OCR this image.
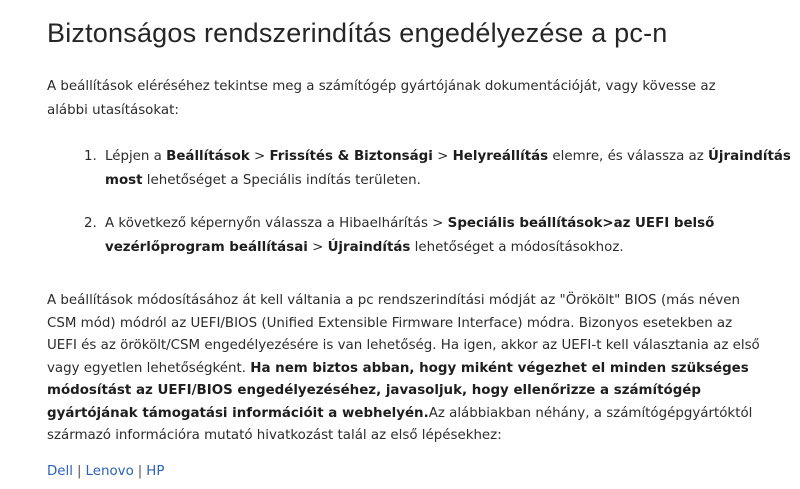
Biztonságos rendszerindítás engedélyezése a pc-n

A beállítások eléréséhez tekintse meg a számítógép gyártójának dokumentációját, vagy kövesse az alábbi utasításokat:

1. Lépjen a Beállítások > Frissítés & Biztonsági > Helyreállítás elemre, és válassza az Újraindítás most lehetőséget a Speciális indítás területen.
2. A következő képernyőn válassza a Hibaelhárítás > Speciális beállítások>az UEFI belső vezérlőprogram beállításai > Újraindítás lehetőséget a módosításokhoz.

A beállítások módosításához át kell váltania a pc rendszerindítási módját az "Örökölt" BIOS (más néven CSM mód) módról az UEFI/BIOS (Unified Extensible Firmware Interface) módra. Bizonyos esetekben az UEFI és az örökölt/CSM engedélyezésére is van lehetőség. Ha igen, akkor az UEFI-t kell választania az első vagy egyetlen lehetőségként. Ha nem biztos abban, hogy miként végezhet el minden szükséges módosítást az UEFI/BIOS engedélyezéséhez, javasoljuk, hogy ellenőrizze a számítógép gyártójának támogatási információit a webhelyén.Az alábbiakban néhány, a számítógépgyártóktól származó információra mutató hivatkozást talál az első lépésekhez:

Dell | Lenovo | HP
